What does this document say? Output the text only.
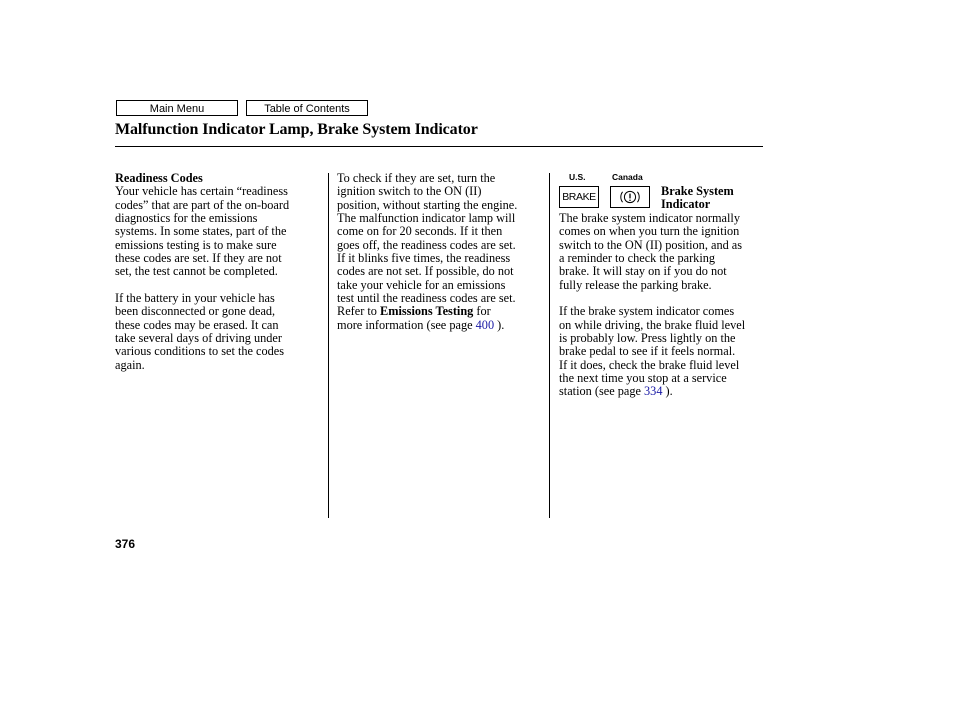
Main Menu	Table of Contents
Malfunction Indicator Lamp, Brake System Indicator

Readiness Codes

Your vehicle has certain “readiness

codes” that are part of the on-board

diagnostics for the emissions

systems. In some states, part of the

emissions testing is to make sure

these codes are set. If they are not

set, the test cannot be completed.

If the battery in your vehicle has

been disconnected or gone dead,

these codes may be erased. It can

take several days of driving under

various conditions to set the codes

again.

To check if they are set, turn the

ignition switch to the ON (II)

position, without starting the engine.

The malfunction indicator lamp will

come on for 20 seconds. If it then

goes off, the readiness codes are set.

If it blinks five times, the readiness

codes are not set. If possible, do not

take your vehicle for an emissions

test until the readiness codes are set.

Refer to Emissions Testing for

more information (see page 400 ).

U.S.	Canada
BRAKE	Brake System
Indicator

The brake system indicator normally

comes on when you turn the ignition

switch to the ON (II) position, and as

a reminder to check the parking

brake. It will stay on if you do not

fully release the parking brake.

If the brake system indicator comes

on while driving, the brake fluid level

is probably low. Press lightly on the

brake pedal to see if it feels normal.

If it does, check the brake fluid level

the next time you stop at a service

station (see page 334 ).

376
